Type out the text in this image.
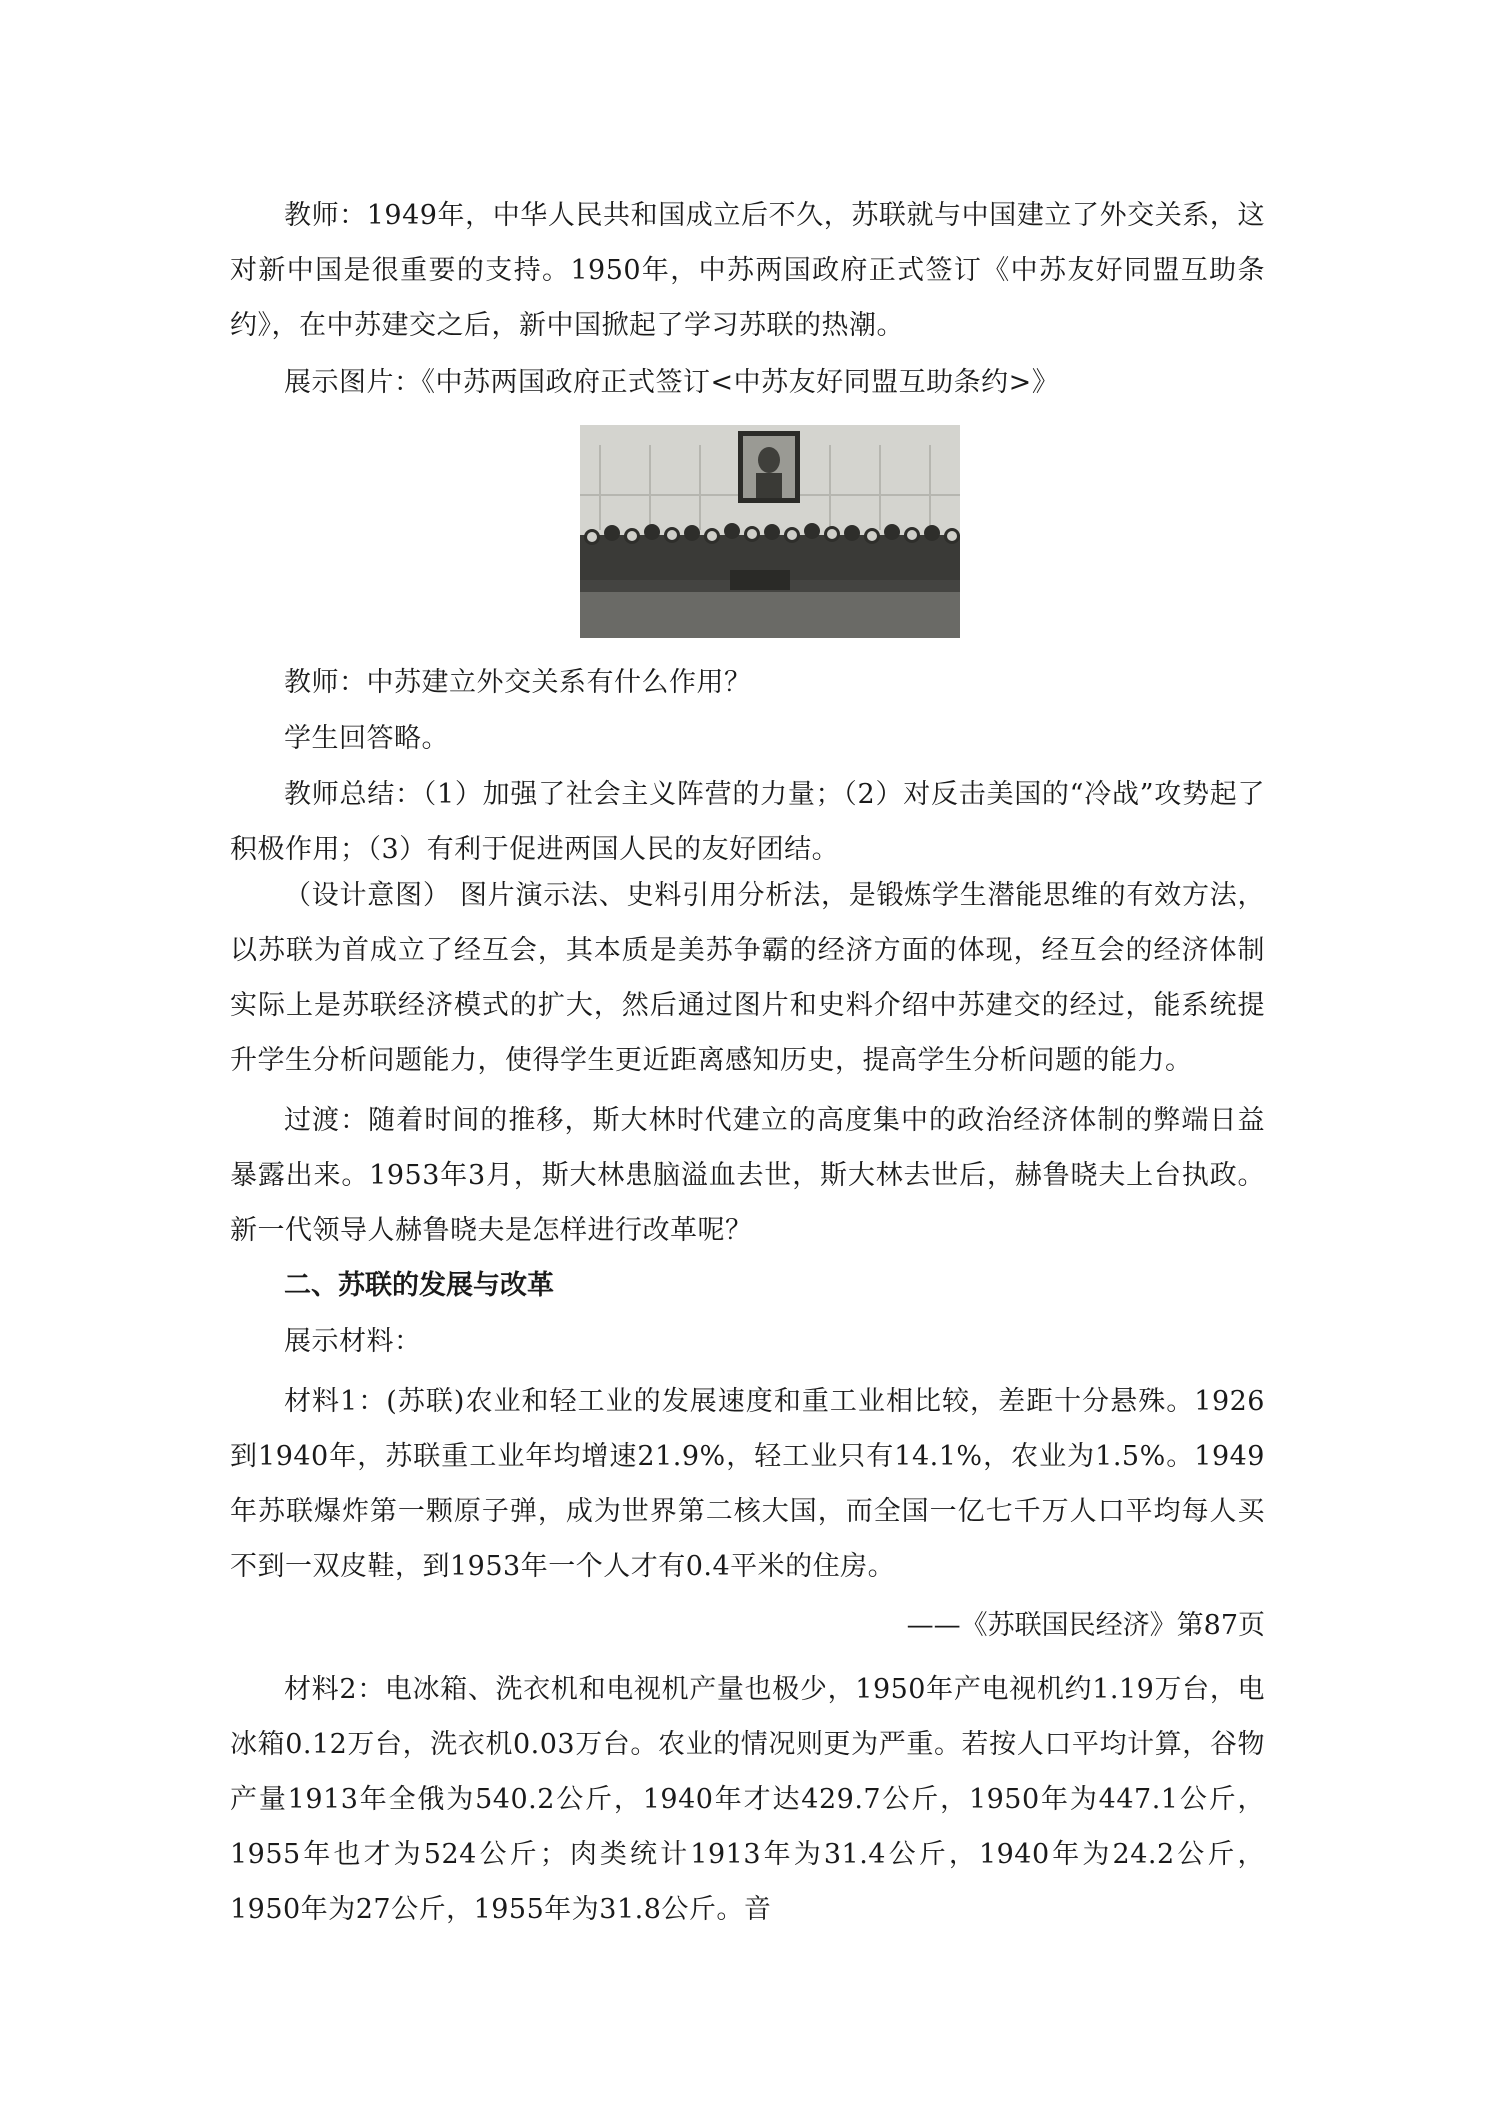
教师：1949年，中华人民共和国成立后不久，苏联就与中国建立了外交关系，这对新中国是很重要的支持。1950年，中苏两国政府正式签订《中苏友好同盟互助条约》，在中苏建交之后，新中国掀起了学习苏联的热潮。

展示图片：《中苏两国政府正式签订<中苏友好同盟互助条约>》

教师：中苏建立外交关系有什么作用？

学生回答略。

教师总结：（1）加强了社会主义阵营的力量；（2）对反击美国的“冷战”攻势起了积极作用；（3）有利于促进两国人民的友好团结。

（设计意图） 图片演示法、史料引用分析法，是锻炼学生潜能思维的有效方法，以苏联为首成立了经互会，其本质是美苏争霸的经济方面的体现，经互会的经济体制实际上是苏联经济模式的扩大，然后通过图片和史料介绍中苏建交的经过，能系统提升学生分析问题能力，使得学生更近距离感知历史，提高学生分析问题的能力。

过渡：随着时间的推移，斯大林时代建立的高度集中的政治经济体制的弊端日益暴露出来。1953年3月，斯大林患脑溢血去世，斯大林去世后，赫鲁晓夫上台执政。新一代领导人赫鲁晓夫是怎样进行改革呢？

二、苏联的发展与改革

展示材料：

材料1：(苏联)农业和轻工业的发展速度和重工业相比较，差距十分悬殊。1926到1940年，苏联重工业年均增速21.9%，轻工业只有14.1%，农业为1.5%。1949年苏联爆炸第一颗原子弹，成为世界第二核大国，而全国一亿七千万人口平均每人买不到一双皮鞋，到1953年一个人才有0.4平米的住房。

——《苏联国民经济》第87页

材料2：电冰箱、洗衣机和电视机产量也极少，1950年产电视机约1.19万台，电冰箱0.12万台，洗衣机0.03万台。农业的情况则更为严重。若按人口平均计算，谷物产量1913年全俄为540.2公斤，1940年才达429.7公斤，1950年为447.1公斤，1955年也才为524公斤；肉类统计1913年为31.4公斤，1940年为24.2公斤，1950年为27公斤，1955年为31.8公斤。音
